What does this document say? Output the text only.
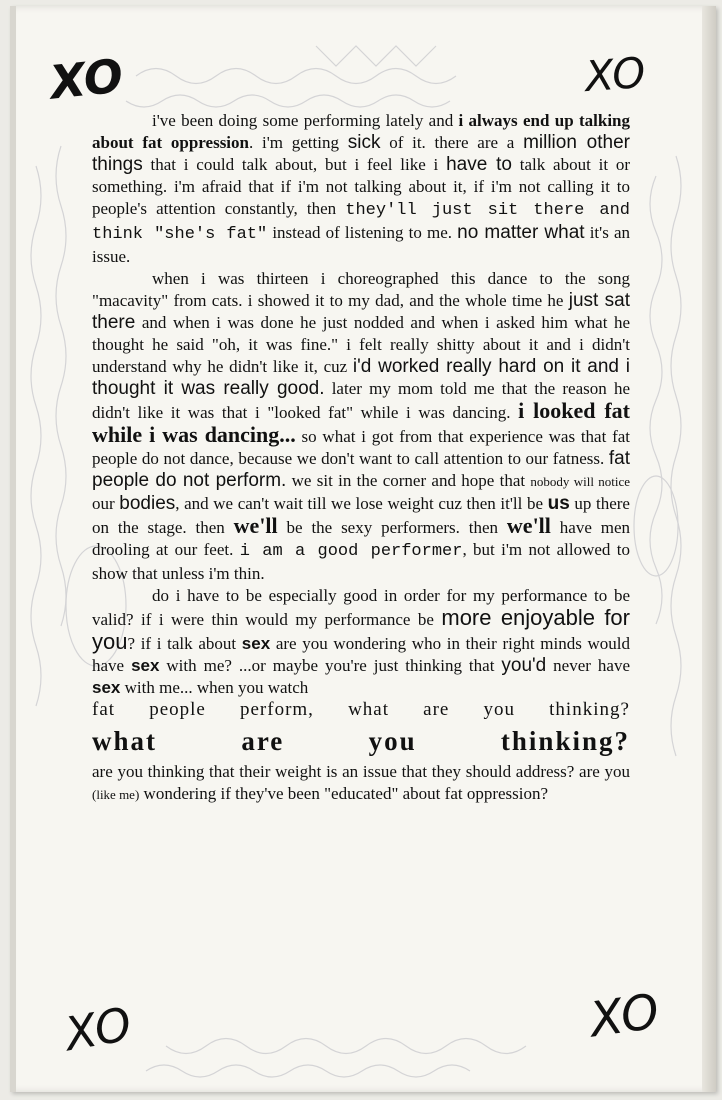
XO	XO
XO	XO

i've been doing some performing lately and i always end up talking about fat oppression. i'm getting sick of it. there are a million other things that i could talk about, but i feel like i have to talk about it or something. i'm afraid that if i'm not talking about it, if i'm not calling it to people's attention constantly, then they'll just sit there and think "she's fat" instead of listening to me. no matter what it's an issue.

when i was thirteen i choreographed this dance to the song "macavity" from cats. i showed it to my dad, and the whole time he just sat there and when i was done he just nodded and when i asked him what he thought he said "oh, it was fine." i felt really shitty about it and i didn't understand why he didn't like it, cuz i'd worked really hard on it and i thought it was really good. later my mom told me that the reason he didn't like it was that i "looked fat" while i was dancing. i looked fat while i was dancing... so what i got from that experience was that fat people do not dance, because we don't want to call attention to our fatness. fat people do not perform. we sit in the corner and hope that nobody will notice our bodies, and we can't wait till we lose weight cuz then it'll be us up there on the stage. then we'll be the sexy performers. then we'll have men drooling at our feet. i am a good performer, but i'm not allowed to show that unless i'm thin.

do i have to be especially good in order for my performance to be valid? if i were thin would my performance be more enjoyable for you? if i talk about sex are you wondering who in their right minds would have sex with me? ...or maybe you're just thinking that you'd never have sex with me... when you watch

fat people perform, what are you thinking?
what	are	you	thinking?

are you thinking that their weight is an issue that they should address? are you (like me) wondering if they've been "educated" about fat oppression?
